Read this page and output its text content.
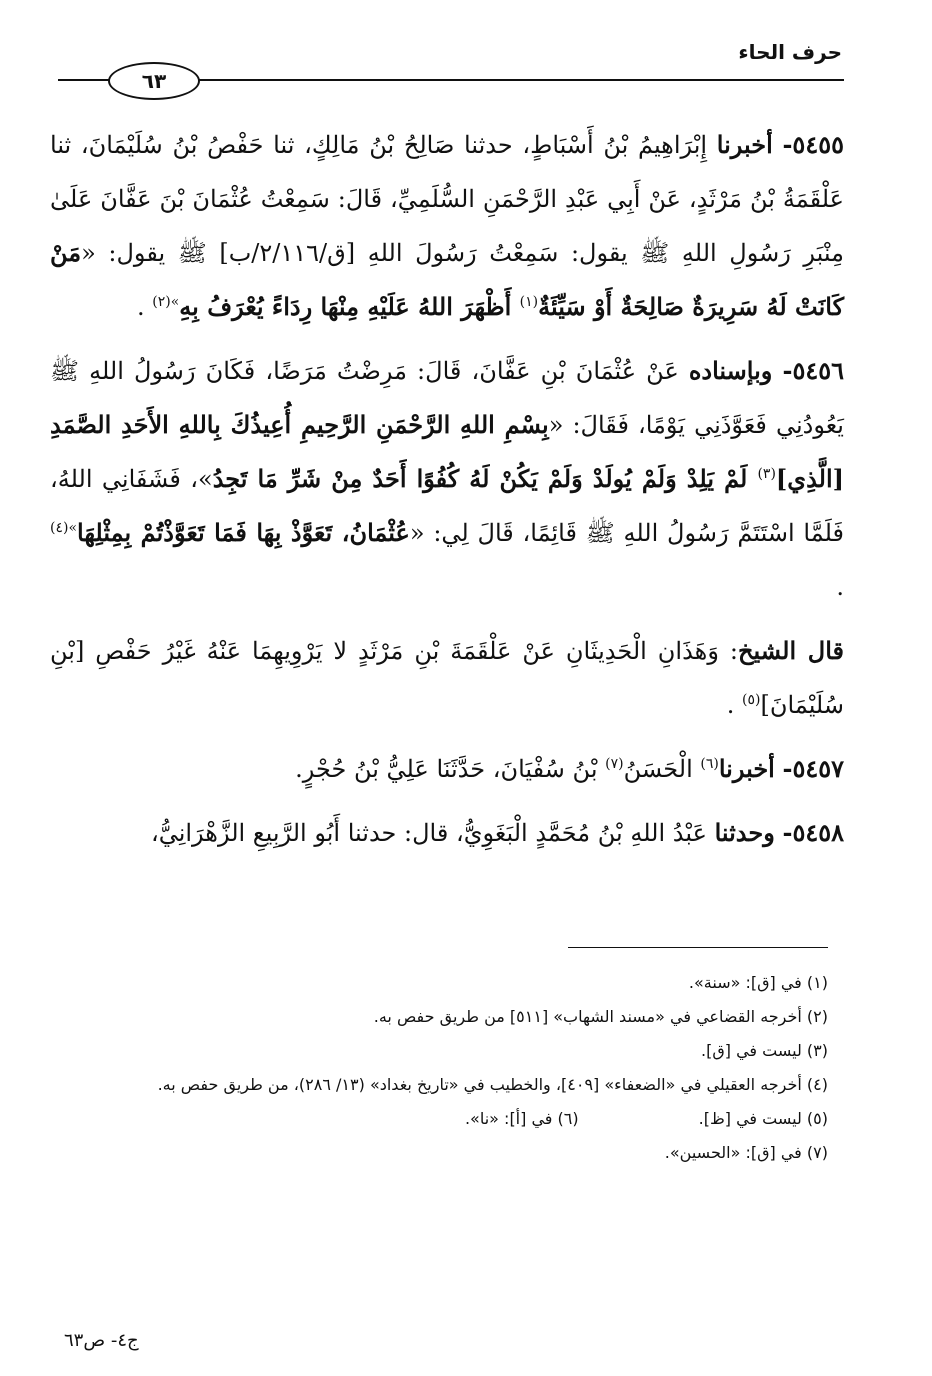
حرف الحاء
٦٣

٥٤٥٥- أخبرنا إِبْرَاهِيمُ بْنُ أَسْبَاطٍ، حدثنا صَالِحُ بْنُ مَالِكٍ، ثنا حَفْصُ بْنُ سُلَيْمَانَ، ثنا عَلْقَمَةُ بْنُ مَرْثَدٍ، عَنْ أَبِي عَبْدِ الرَّحْمَنِ السُّلَمِيِّ، قَالَ: سَمِعْتُ عُثْمَانَ بْنَ عَفَّانَ عَلَىٰ مِنْبَرِ رَسُولِ اللهِ ﷺ يقول: سَمِعْتُ رَسُولَ اللهِ [ق/٢/١١٦/ب] ﷺ يقول: «مَنْ كَانَتْ لَهُ سَرِيرَةٌ صَالِحَةٌ أَوْ سَيِّئَةٌ$^{(١)}$ أَظْهَرَ اللهُ عَلَيْهِ مِنْهَا رِدَاءً يُعْرَفُ بِهِ$^{»(٢)}$ .

٥٤٥٦- وبإسناده عَنْ عُثْمَانَ بْنِ عَفَّانَ، قَالَ: مَرِضْتُ مَرَضًا، فَكَانَ رَسُولُ اللهِ ﷺ يَعُودُنِي فَعَوَّذَنِي يَوْمًا، فَقَالَ: «بِسْمِ اللهِ الرَّحْمَنِ الرَّحِيمِ أُعِيذُكَ بِاللهِ الأَحَدِ الصَّمَدِ [الَّذِي]$^{(٣)}$ لَمْ يَلِدْ وَلَمْ يُولَدْ وَلَمْ يَكُنْ لَهُ كُفُوًا أَحَدٌ مِنْ شَرِّ مَا تَجِدُ»، فَشَفَانِي اللهُ، فَلَمَّا اسْتَتَمَّ رَسُولُ اللهِ ﷺ قَائِمًا، قَالَ لِي: «عُثْمَانُ، تَعَوَّذْ بِهَا فَمَا تَعَوَّذْتُمْ بِمِثْلِهَا$^{»(٤)}$ .

قال الشيخ: وَهَذَانِ الْحَدِيثَانِ عَنْ عَلْقَمَةَ بْنِ مَرْثَدٍ لا يَرْوِيهِمَا عَنْهُ غَيْرُ حَفْصِ [بْنِ سُلَيْمَانَ]$^{(٥)}$ .

٥٤٥٧- أخبرنا$^{(٦)}$ الْحَسَنُ$^{(٧)}$ بْنُ سُفْيَانَ، حَدَّثَنَا عَلِيُّ بْنُ حُجْرٍ.

٥٤٥٨- وحدثنا عَبْدُ اللهِ بْنُ مُحَمَّدٍ الْبَغَوِيُّ، قال: حدثنا أَبُو الرَّبِيعِ الزَّهْرَانِيُّ،

(١) في [ق]: «سنة».

(٢) أخرجه القضاعي في «مسند الشهاب» [٥١١] من طريق حفص به.

(٣) ليست في [ق].

(٤) أخرجه العقيلي في «الضعفاء» [٤٠٩]، والخطيب في «تاريخ بغداد» (١٣/ ٢٨٦)، من طريق حفص به.

(٥) ليست في [ظ].
(٦) في [أ]: «نا».

(٧) في [ق]: «الحسين».

ج٤- ص٦٣
